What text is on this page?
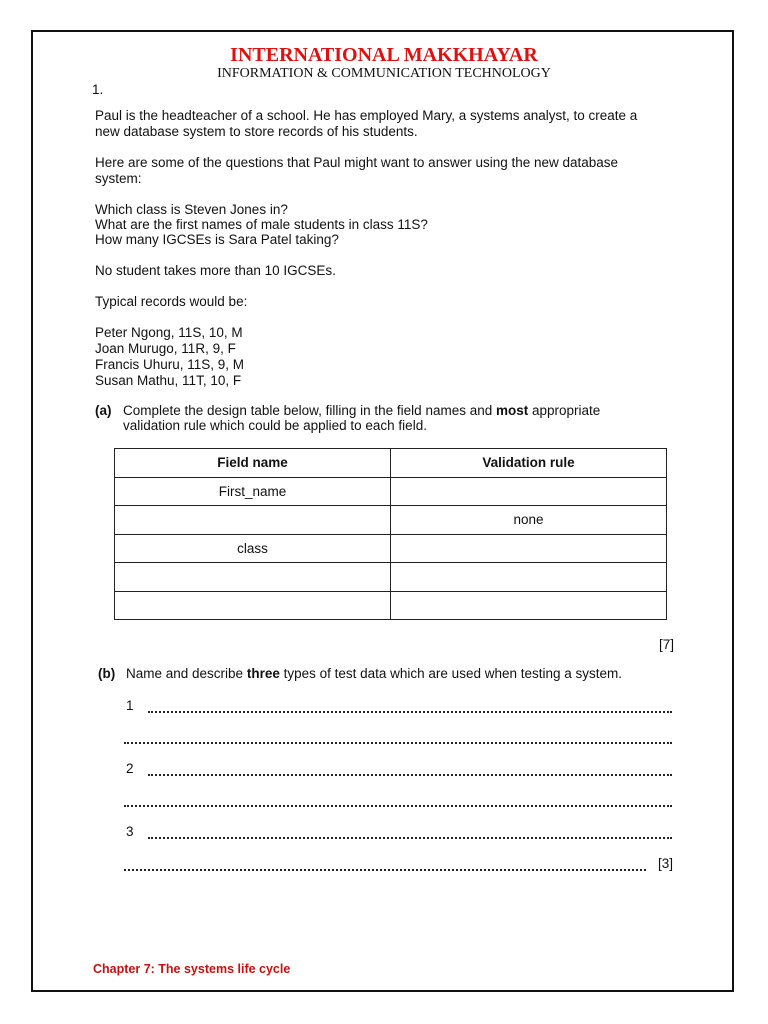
INTERNATIONAL MAKKHAYAR
INFORMATION & COMMUNICATION TECHNOLOGY
1.
Paul is the headteacher of a school. He has employed Mary, a systems analyst, to create a
new database system to store records of his students.
Here are some of the questions that Paul might want to answer using the new database
system:
Which class is Steven Jones in?
What are the first names of male students in class 11S?
How many IGCSEs is Sara Patel taking?
No student takes more than 10 IGCSEs.
Typical records would be:
Peter Ngong, 11S, 10, M
Joan Murugo, 11R, 9, F
Francis Uhuru, 11S, 9, M
Susan Mathu, 11T, 10, F
(a) Complete the design table below, filling in the field names and most appropriate
validation rule which could be applied to each field.
Field name	Validation rule
First_name	
	none
class	

[7]
(b) Name and describe three types of test data which are used when testing a system.
1
2
3
[3]
Chapter 7: The systems life cycle
